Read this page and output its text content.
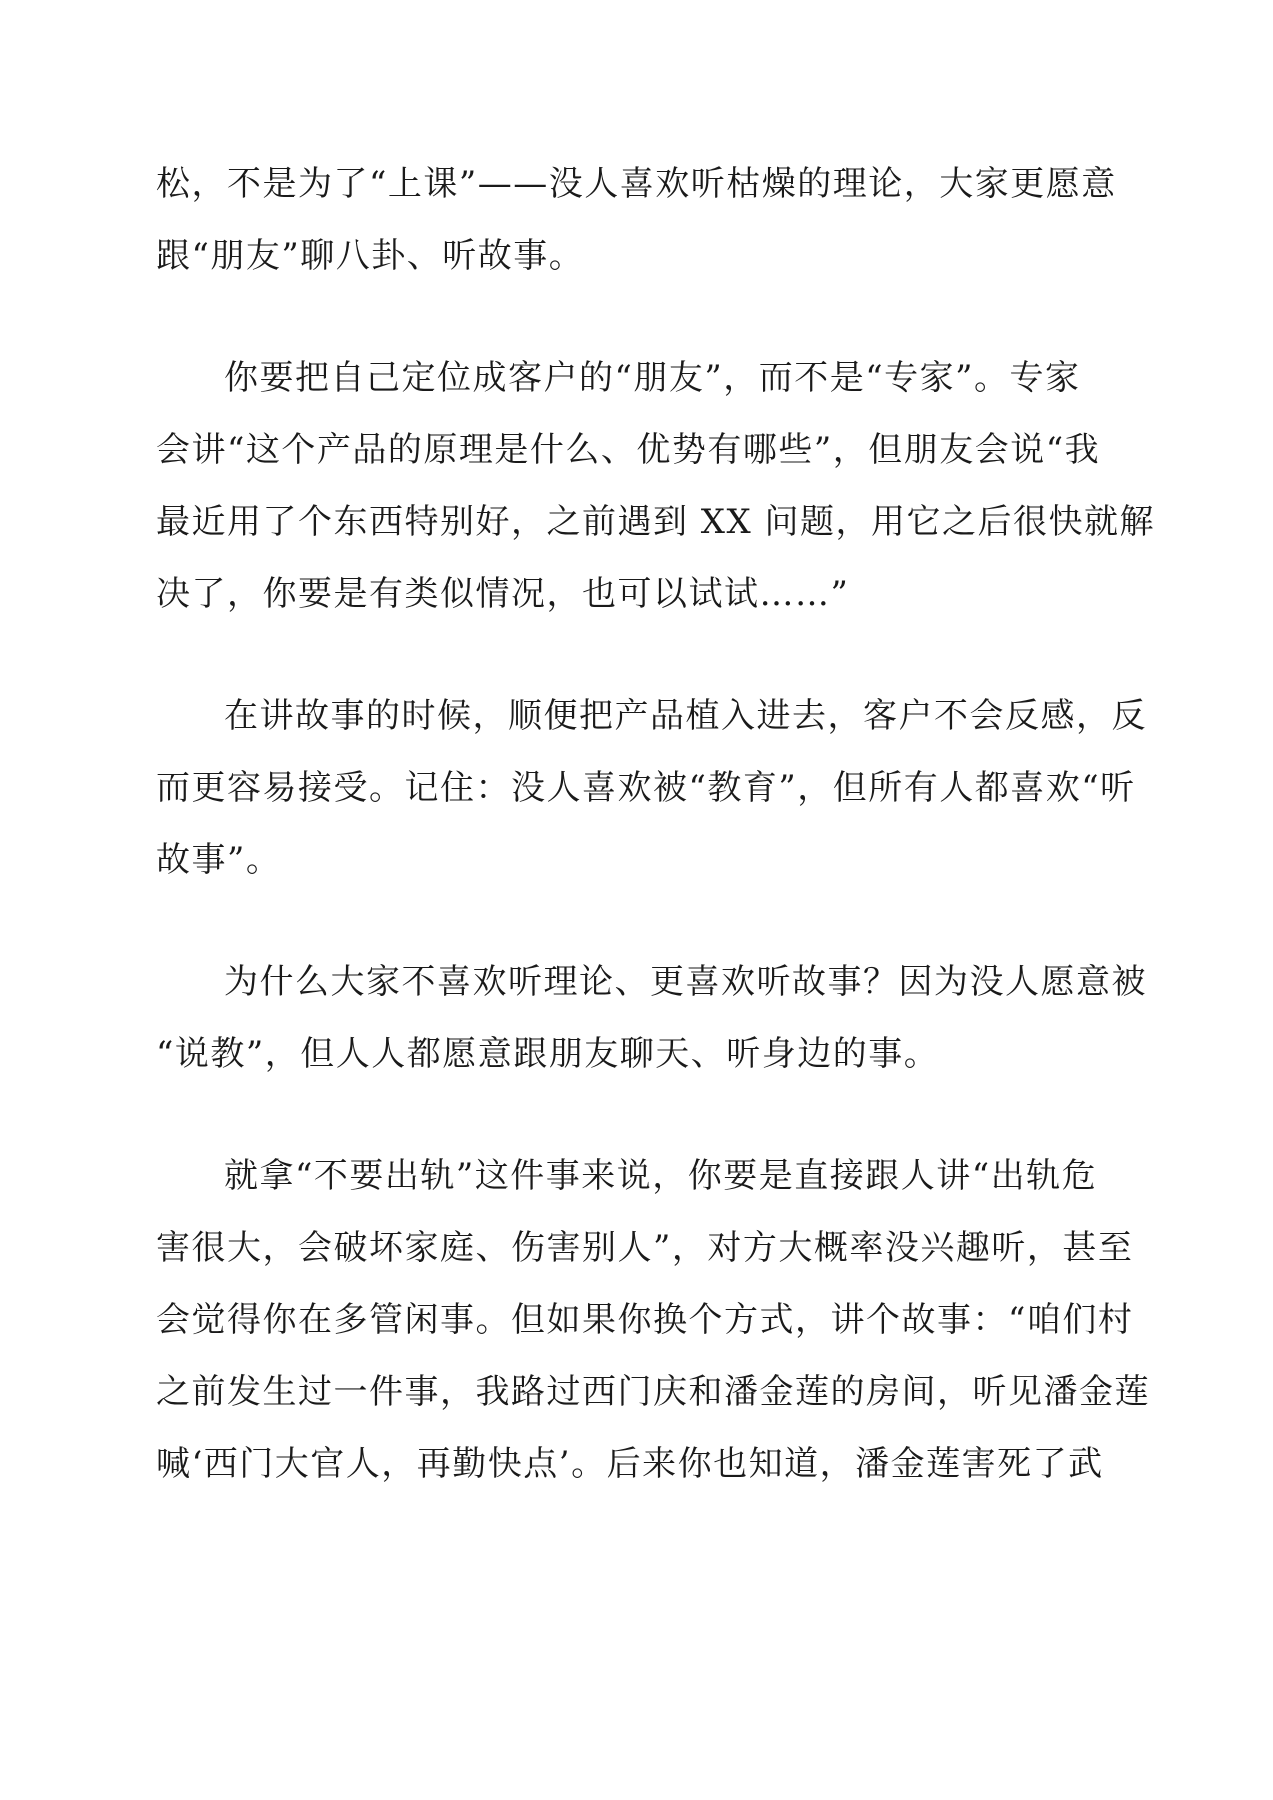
松，不是为了“上课”——没人喜欢听枯燥的理论，大家更愿意
跟“朋友”聊八卦、听故事。
你要把自己定位成客户的“朋友”，而不是“专家”。专家
会讲“这个产品的原理是什么、优势有哪些”，但朋友会说“我
最近用了个东西特别好，之前遇到 XX 问题，用它之后很快就解
决了，你要是有类似情况，也可以试试……”
在讲故事的时候，顺便把产品植入进去，客户不会反感，反
而更容易接受。记住：没人喜欢被“教育”，但所有人都喜欢“听
故事”。
为什么大家不喜欢听理论、更喜欢听故事？因为没人愿意被
“说教”，但人人都愿意跟朋友聊天、听身边的事。
就拿“不要出轨”这件事来说，你要是直接跟人讲“出轨危
害很大，会破坏家庭、伤害别人”，对方大概率没兴趣听，甚至
会觉得你在多管闲事。但如果你换个方式，讲个故事：“咱们村
之前发生过一件事，我路过西门庆和潘金莲的房间，听见潘金莲
喊‘西门大官人，再勤快点’。后来你也知道，潘金莲害死了武
